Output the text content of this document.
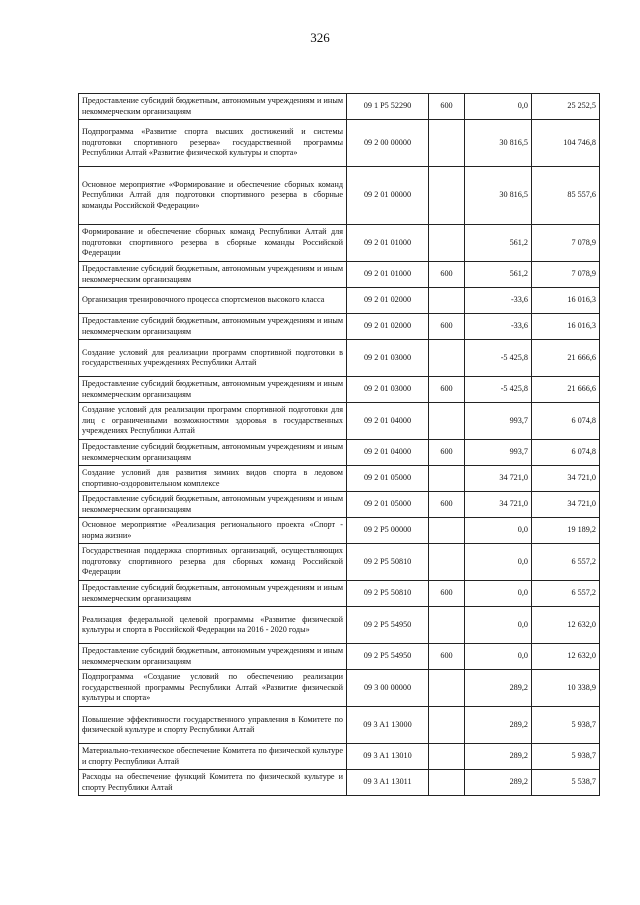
326
Предоставление субсидий бюджетным, автономным учреждениям и иным некоммерческим организациям	09 1 P5 52290	600	0,0	25 252,5
Подпрограмма «Развитие спорта высших достижений и системы подготовки спортивного резерва» государственной программы Республики Алтай «Развитие физической культуры и спорта»	09 2 00 00000		30 816,5	104 746,8
Основное мероприятие «Формирование и обеспечение сборных команд Республики Алтай для подготовки спортивного резерва в сборные команды Российской Федерации»	09 2 01 00000		30 816,5	85 557,6
Формирование и обеспечение сборных команд Республики Алтай для подготовки спортивного резерва в сборные команды Российской Федерации	09 2 01 01000		561,2	7 078,9
Предоставление субсидий бюджетным, автономным учреждениям и иным некоммерческим организациям	09 2 01 01000	600	561,2	7 078,9
Организация тренировочного процесса спортсменов высокого класса	09 2 01 02000		-33,6	16 016,3
Предоставление субсидий бюджетным, автономным учреждениям и иным некоммерческим организациям	09 2 01 02000	600	-33,6	16 016,3
Создание условий для реализации программ спортивной подготовки в государственных учреждениях Республики Алтай	09 2 01 03000		-5 425,8	21 666,6
Предоставление субсидий бюджетным, автономным учреждениям и иным некоммерческим организациям	09 2 01 03000	600	-5 425,8	21 666,6
Создание условий для реализации программ спортивной подготовки для лиц с ограниченными возможностями здоровья в государственных учреждениях Республики Алтай	09 2 01 04000		993,7	6 074,8
Предоставление субсидий бюджетным, автономным учреждениям и иным некоммерческим организациям	09 2 01 04000	600	993,7	6 074,8
Создание условий для развития зимних видов спорта в ледовом спортивно-оздоровительном комплексе	09 2 01 05000		34 721,0	34 721,0
Предоставление субсидий бюджетным, автономным учреждениям и иным некоммерческим организациям	09 2 01 05000	600	34 721,0	34 721,0
Основное мероприятие «Реализация регионального проекта «Спорт - норма жизни»	09 2 P5 00000		0,0	19 189,2
Государственная поддержка спортивных организаций, осуществляющих подготовку спортивного резерва для сборных команд Российской Федерации	09 2 P5 50810		0,0	6 557,2
Предоставление субсидий бюджетным, автономным учреждениям и иным некоммерческим организациям	09 2 P5 50810	600	0,0	6 557,2
Реализация федеральной целевой программы «Развитие физической культуры и спорта в Российской Федерации на 2016 - 2020 годы»	09 2 P5 54950		0,0	12 632,0
Предоставление субсидий бюджетным, автономным учреждениям и иным некоммерческим организациям	09 2 P5 54950	600	0,0	12 632,0
Подпрограмма «Создание условий по обеспечению реализации государственной программы Республики Алтай «Развитие физической культуры и спорта»	09 3 00 00000		289,2	10 338,9
Повышение эффективности государственного управления в Комитете по физической культуре и спорту Республики Алтай	09 3 A1 13000		289,2	5 938,7
Материально-техническое обеспечение Комитета по физической культуре и спорту Республики Алтай	09 3 A1 13010		289,2	5 938,7
Расходы на обеспечение функций Комитета по физической культуре и спорту Республики Алтай	09 3 A1 13011		289,2	5 538,7
